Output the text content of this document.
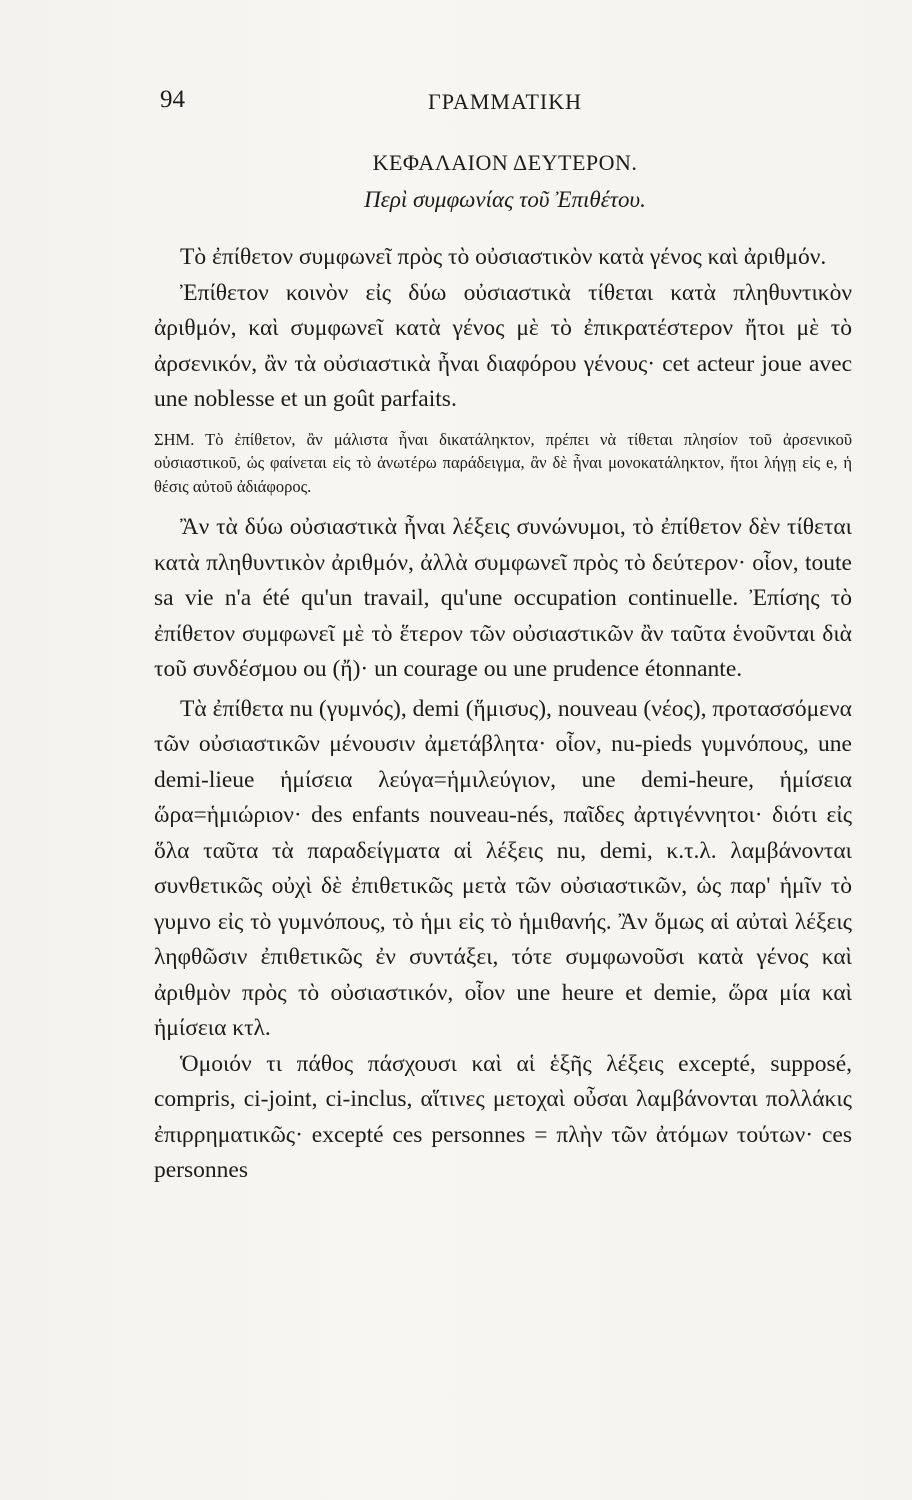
94	ΓΡΑΜΜΑΤΙΚΗ
ΚΕΦΑΛΑΙΟΝ ΔΕΥΤΕΡΟΝ.
Περὶ συμφωνίας τοῦ Ἐπιθέτου.

Τὸ ἐπίθετον συμφωνεῖ πρὸς τὸ οὐσιαστικὸν κατὰ γένος καὶ ἀριθμόν.

Ἐπίθετον κοινὸν εἰς δύω οὐσιαστικὰ τίθεται κατὰ πληθυντικὸν ἀριθμόν, καὶ συμφωνεῖ κατὰ γένος μὲ τὸ ἐπικρατέστερον ἤτοι μὲ τὸ ἀρσενικόν, ἂν τὰ οὐσιαστικὰ ἦναι διαφόρου γένους· cet acteur joue avec une noblesse et un goût parfaits.

ΣΗΜ. Τὸ ἐπίθετον, ἂν μάλιστα ἦναι δικατάληκτον, πρέπει νὰ τίθεται πλησίον τοῦ ἀρσενικοῦ οὐσιαστικοῦ, ὡς φαίνεται εἰς τὸ ἀνωτέρω παράδειγμα, ἂν δὲ ἦναι μονοκατάληκτον, ἤτοι λήγῃ εἰς e, ἡ θέσις αὐτοῦ ἀδιάφορος.

Ἂν τὰ δύω οὐσιαστικὰ ἦναι λέξεις συνώνυμοι, τὸ ἐπίθετον δὲν τίθεται κατὰ πληθυντικὸν ἀριθμόν, ἀλλὰ συμφωνεῖ πρὸς τὸ δεύτερον· οἷον, toute sa vie n'a été qu'un travail, qu'une occupation continuelle. Ἐπίσης τὸ ἐπίθετον συμφωνεῖ μὲ τὸ ἕτερον τῶν οὐσιαστικῶν ἂν ταῦτα ἑνοῦνται διὰ τοῦ συνδέσμου ou (ἤ)· un courage ou une prudence étonnante.

Τὰ ἐπίθετα nu (γυμνός), demi (ἥμισυς), nouveau (νέος), προτασσόμενα τῶν οὐσιαστικῶν μένουσιν ἀμετάβλητα· οἷον, nu-pieds γυμνόπους, une demi-lieue ἡμίσεια λεύγα=ἡμιλεύγιον, une demi-heure, ἡμίσεια ὥρα=ἡμιώριον· des enfants nouveau-nés, παῖδες ἀρτιγέννητοι· διότι εἰς ὅλα ταῦτα τὰ παραδείγματα αἱ λέξεις nu, demi, κ.τ.λ. λαμβάνονται συνθετικῶς οὐχὶ δὲ ἐπιθετικῶς μετὰ τῶν οὐσιαστικῶν, ὡς παρ' ἡμῖν τὸ γυμνο εἰς τὸ γυμνόπους, τὸ ἡμι εἰς τὸ ἡμιθανής. Ἂν ὅμως αἱ αὐταὶ λέξεις ληφθῶσιν ἐπιθετικῶς ἐν συντάξει, τότε συμφωνοῦσι κατὰ γένος καὶ ἀριθμὸν πρὸς τὸ οὐσιαστικόν, οἷον une heure et demie, ὥρα μία καὶ ἡμίσεια κτλ.

Ὁμοιόν τι πάθος πάσχουσι καὶ αἱ ἑξῆς λέξεις excepté, supposé, compris, ci-joint, ci-inclus, αἵτινες μετοχαὶ οὖσαι λαμβάνονται πολλάκις ἐπιρρηματικῶς· excepté ces personnes = πλὴν τῶν ἀτόμων τούτων· ces personnes
